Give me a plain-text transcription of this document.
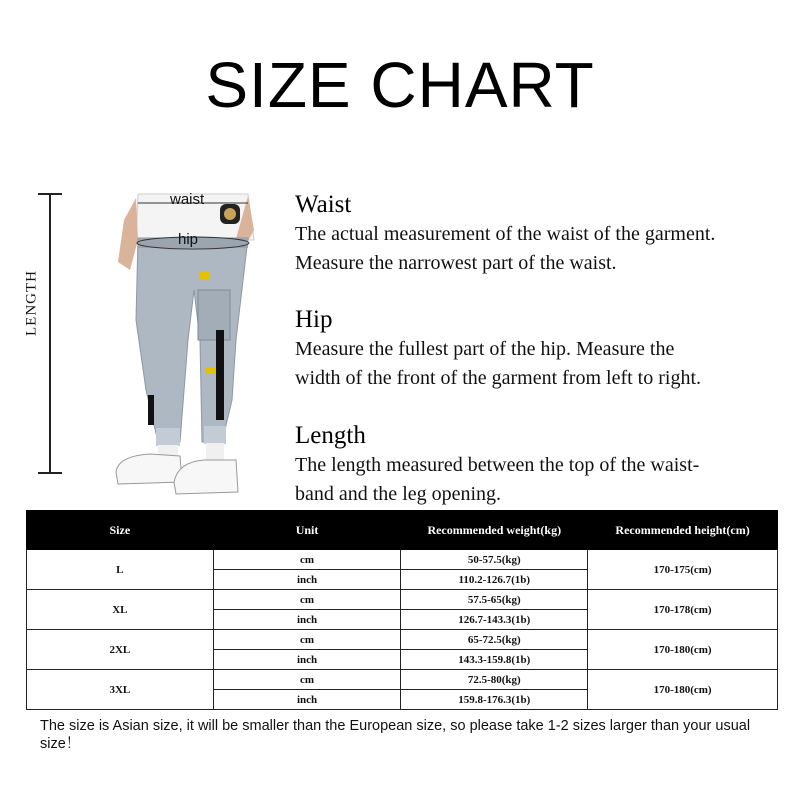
SIZE CHART
LENGTH
waist
hip
Waist
The actual measurement of the waist of the garment.
Measure the narrowest part of the waist.
Hip
Measure the fullest part of the hip. Measure the
width of the front of the garment from left to right.
Length
The length measured between the top of the waist-
band and the leg opening.
Size	Unit	Recommended weight(kg)	Recommended height(cm)
L	cm	50-57.5(kg)	170-175(cm)
	inch	110.2-126.7(1b)	
XL	cm	57.5-65(kg)	170-178(cm)
	inch	126.7-143.3(1b)	
2XL	cm	65-72.5(kg)	170-180(cm)
	inch	143.3-159.8(1b)	
3XL	cm	72.5-80(kg)	170-180(cm)
	inch	159.8-176.3(1b)	
The size is Asian size, it will be smaller than the European size, so please take 1-2 sizes larger than your usual size！
